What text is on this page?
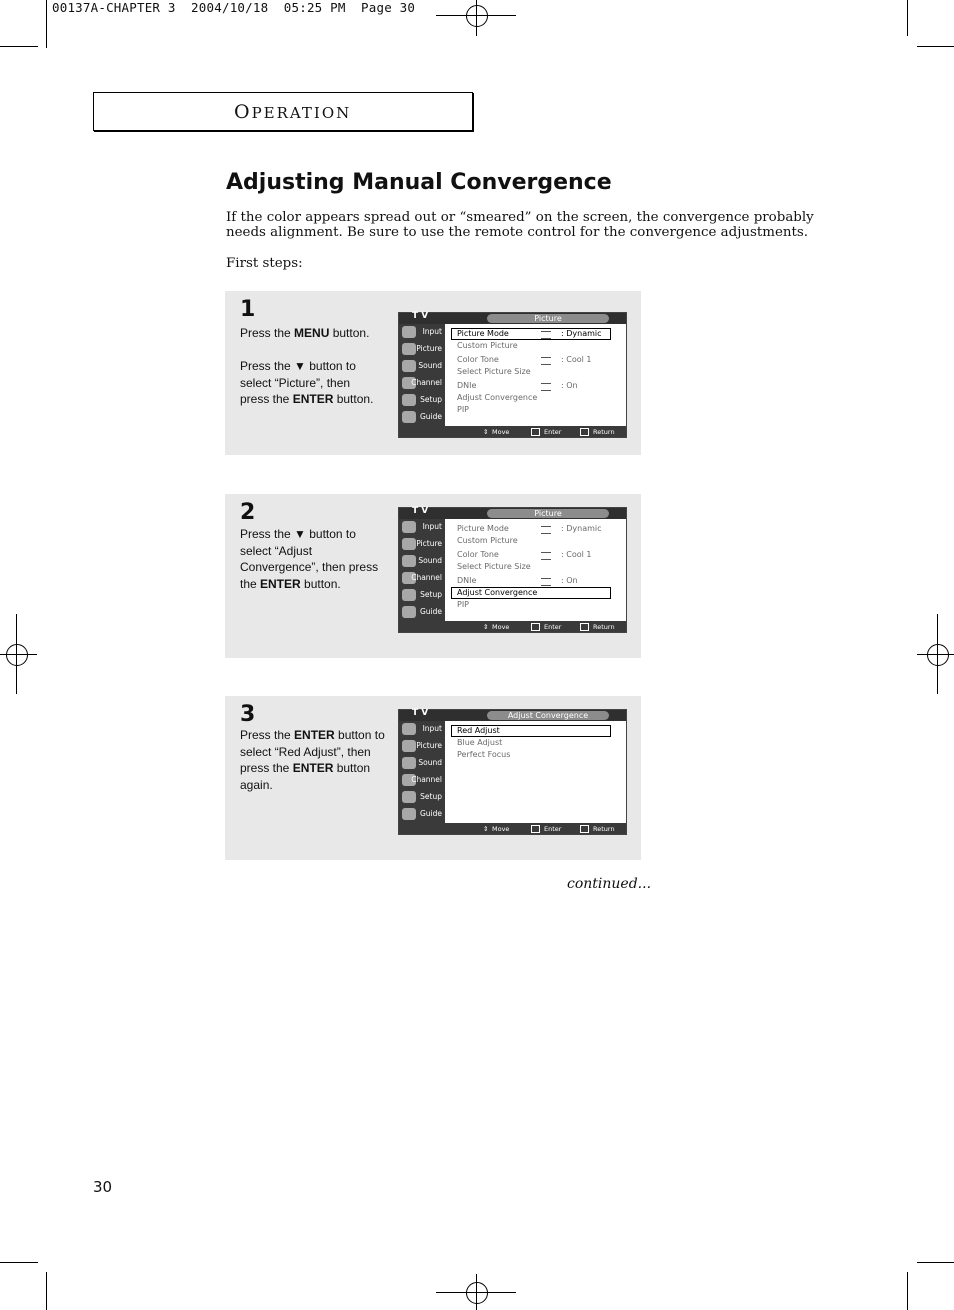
00137A-CHAPTER 3  2004/10/18  05:25 PM  Page 30
OPERATION
Adjusting Manual Convergence
If the color appears spread out or “smeared” on the screen, the convergence probably needs alignment. Be sure to use the remote control for the convergence adjustments.
First steps:
1
Press the MENU button.
Press the ▼ button to
select “Picture”, then
press the ENTER button.
T V	Picture
Input
Picture
Sound
Channel
Setup
Guide
Picture Mode	: Dynamic
Custom Picture
Color Tone	: Cool 1
Select Picture Size
DNIe	: On
Adjust Convergence
PIP
⇕ Move	Enter	Return
2
Press the ▼ button to
select “Adjust
Convergence”, then press
the ENTER button.
T V	Picture
Input
Picture
Sound
Channel
Setup
Guide
Picture Mode	: Dynamic
Custom Picture
Color Tone	: Cool 1
Select Picture Size
DNIe	: On
Adjust Convergence
PIP
⇕ Move	Enter	Return
3
Press the ENTER button to
select “Red Adjust”, then
press the ENTER button
again.
T V	Adjust Convergence
Input
Picture
Sound
Channel
Setup
Guide
Red Adjust
Blue Adjust
Perfect Focus
⇕ Move	Enter	Return
continued...
30
